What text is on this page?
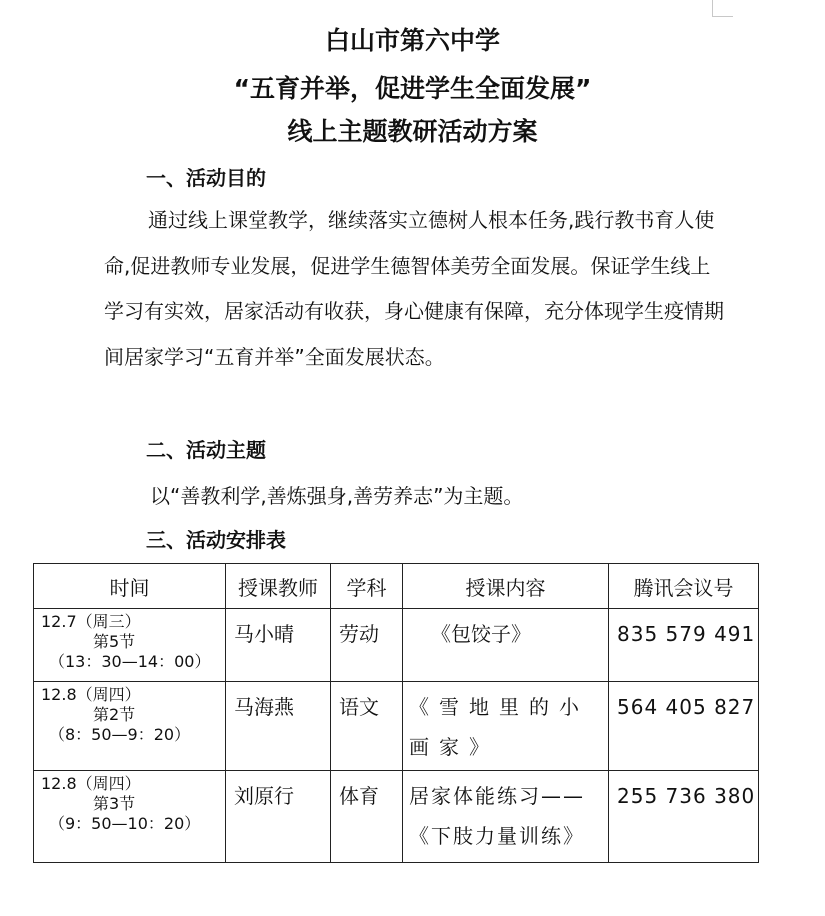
白山市第六中学
“五育并举，促进学生全面发展”
线上主题教研活动方案
一、活动目的
通过线上课堂教学，继续落实立德树人根本任务,践行教书育人使命,促进教师专业发展，促进学生德智体美劳全面发展。保证学生线上学习有实效，居家活动有收获，身心健康有保障，充分体现学生疫情期间居家学习“五育并举”全面发展状态。
二、活动主题
以“善教利学,善炼强身,善劳养志”为主题。
三、活动安排表
时间	授课教师	学科	授课内容	腾讯会议号

12.7（周三）
第5节
（13：30—14：00）	马小晴	劳动	《包饺子》	835 579 491

12.8（周四）
第2节
（8：50—9：20）	马海燕	语文	《雪地里的小画家》	564 405 827

12.8（周四）
第3节
（9：50—10：20）	刘原行	体育	居家体能练习——《下肢力量训练》	255 736 380
